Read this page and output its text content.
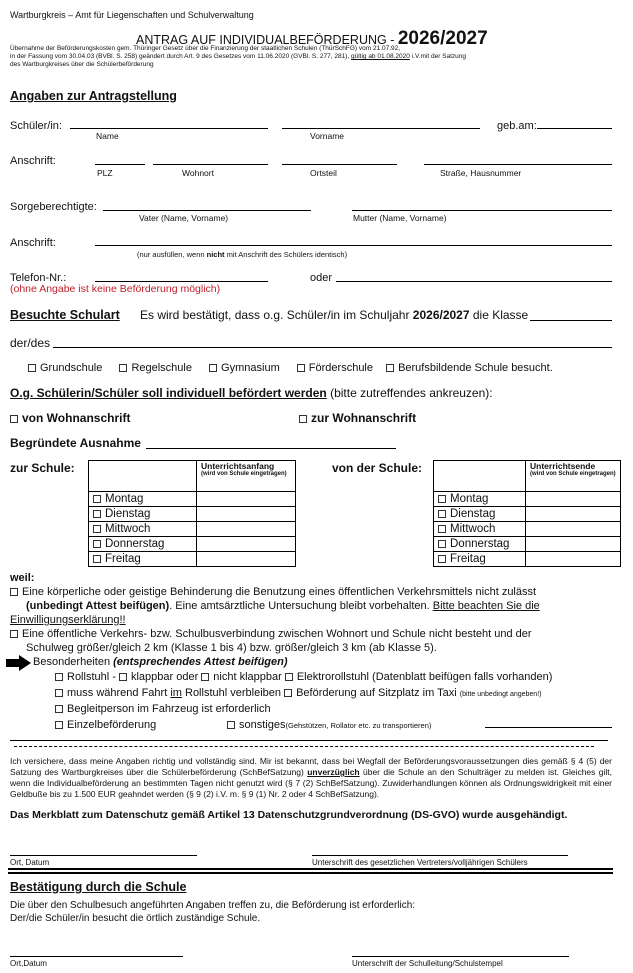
Wartburgkreis – Amt für Liegenschaften und Schulverwaltung
ANTRAG AUF INDIVIDUALBEFÖRDERUNG - 2026/2027
Übernahme der Beförderungskosten gem. Thüringer Gesetz über die Finanzierung der staatlichen Schulen (ThürSchFG) vom 21.07.92,
in der Fassung vom 30.04.03 (BVBl. S. 258) geändert durch Art. 9 des Gesetzes vom 11.06.2020 (GVBl. S. 277, 281), gültig ab 01.08.2020 i.V.mit der Satzung
des Wartburgkreises über die Schülerbeförderung
Angaben zur Antragstellung
Schüler/in:
Name	Vorname
geb.am:
Anschrift:
PLZ	Wohnort	Ortsteil	Straße, Hausnummer
Sorgeberechtigte:
Vater (Name, Vorname)	Mutter (Name, Vorname)
Anschrift:
(nur ausfüllen, wenn nicht mit Anschrift des Schülers identisch)
Telefon-Nr.:	oder
(ohne Angabe ist keine Beförderung möglich)
Besuchte Schulart Es wird bestätigt, dass o.g. Schüler/in im Schuljahr 2026/2027 die Klasse
der/des
Grundschule	Regelschule	Gymnasium	Förderschule Berufsbildende Schule besucht.
O.g. Schülerin/Schüler soll individuell befördert werden (bitte zutreffendes ankreuzen):
von Wohnanschrift	zur Wohnanschrift
Begründete Ausnahme
zur Schule:
		Unterrichtsanfang
(wird von Schule eingetragen)

Montag	
Dienstag	
Mittwoch	
Donnerstag	
Freitag	
von der Schule:
weil:
	Unterrichtsende
(wird von Schule eingetragen)

Montag	
Dienstag	
Mittwoch	
Donnerstag	
Freitag	
Eine körperliche oder geistige Behinderung die Benutzung eines öffentlichen Verkehrsmittels nicht zulässt
(unbedingt Attest beifügen). Eine amtsärztliche Untersuchung bleibt vorbehalten. Bitte beachten Sie die
Einwilligungserklärung!!
Eine öffentliche Verkehrs- bzw. Schulbusverbindung zwischen Wohnort und Schule nicht besteht und der
Schulweg größer/gleich 2 km (Klasse 1 bis 4) bzw. größer/gleich 3 km (ab Klasse 5).
Besonderheiten (entsprechendes Attest beifügen)
Rollstuhl - klappbar oder nicht klappbar Elektrorollstuhl (Datenblatt beifügen falls vorhanden)
muss während Fahrt im Rollstuhl verbleiben Beförderung auf Sitzplatz im Taxi (bitte unbedingt angeben!)
Begleitperson im Fahrzeug ist erforderlich
Einzelbeförderung	sonstiges(Gehstützen, Rollator etc. zu transportieren)
Ich versichere, dass meine Angaben richtig und vollständig sind. Mir ist bekannt, dass bei Wegfall der Beförderungsvoraussetzungen dies gemäß § 4 (5) der Satzung des Wartburgkreises über die Schülerbeförderung (SchBefSatzung) unverzüglich über die Schule an den Schulträger zu melden ist. Gleiches gilt, wenn die Individualbeförderung an bestimmten Tagen nicht genutzt wird (§ 7 (2) SchBefSatzung). Zuwiderhandlungen können als Ordnungswidrigkeit mit einer Geldbuße bis zu 1.500 EUR geahndet werden (§ 9 (2) i.V. m. § 9 (1) Nr. 2 oder 4 SchBefSatzung).
Das Merkblatt zum Datenschutz gemäß Artikel 13 Datenschutzgrundverordnung (DS-GVO) wurde ausgehändigt.
Ort, Datum	Unterschrift des gesetzlichen Vertreters/volljährigen Schülers
Bestätigung durch die Schule
Die über den Schulbesuch angeführten Angaben treffen zu, die Beförderung ist erforderlich:
Der/die Schüler/in besucht die örtlich zuständige Schule.
Ort,Datum	Unterschrift der Schulleitung/Schulstempel
